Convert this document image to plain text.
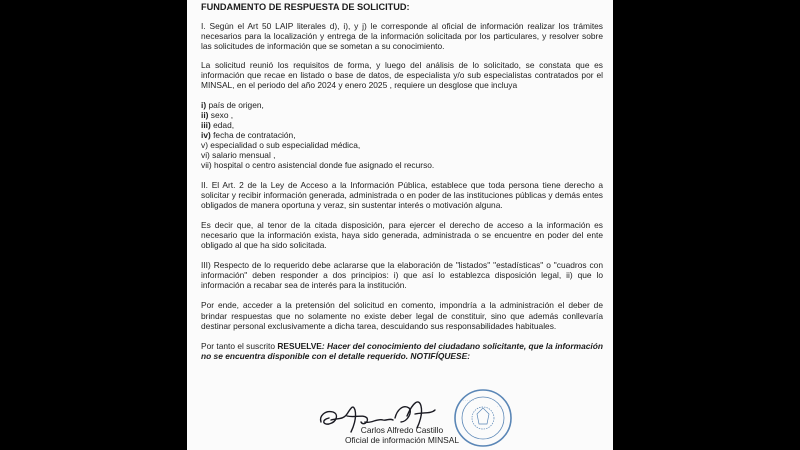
FUNDAMENTO DE RESPUESTA DE SOLICITUD:

I. Según el Art 50 LAIP literales d), i), y j) le corresponde al oficial de información realizar los trámites necesarios para la localización y entrega de la información solicitada por los particulares, y resolver sobre las solicitudes de información que se sometan a su conocimiento.

La solicitud reunió los requisitos de forma, y luego del análisis de lo solicitado, se constata que es información que recae en listado o base de datos, de especialista y/o sub especialistas contratados por el MINSAL, en el periodo del año 2024 y enero 2025 , requiere un desglose que incluya

i) país de origen,
ii) sexo ,
iii) edad,
iv) fecha de contratación,
v) especialidad o sub especialidad médica,
vi) salario mensual ,
vii) hospital o centro asistencial donde fue asignado el recurso.

II. El Art. 2 de la Ley de Acceso a la Información Pública, establece que toda persona tiene derecho a solicitar y recibir información generada, administrada o en poder de las instituciones públicas y demás entes obligados de manera oportuna y veraz, sin sustentar interés o motivación alguna.

Es decir que, al tenor de la citada disposición, para ejercer el derecho de acceso a la información es necesario que la información exista, haya sido generada, administrada o se encuentre en poder del ente obligado al que ha sido solicitada.

III) Respecto de lo requerido debe aclararse que la elaboración de "listados" "estadísticas" o "cuadros con información" deben responder a dos principios: i) que así lo establezca disposición legal, ii) que lo información a recabar sea de interés para la institución.

Por ende, acceder a la pretensión del solicitud en comento, impondría a la administración el deber de brindar respuestas que no solamente no existe deber legal de constituir, sino que además conllevaría destinar personal exclusivamente a dicha tarea, descuidando sus responsabilidades habituales.

Por tanto el suscrito RESUELVE: Hacer del conocimiento del ciudadano solicitante, que la información no se encuentra disponible con el detalle requerido. NOTIFÍQUESE:

· · · · · ·
· · ·
Carlos Alfredo Castillo
Oficial de información MINSAL
